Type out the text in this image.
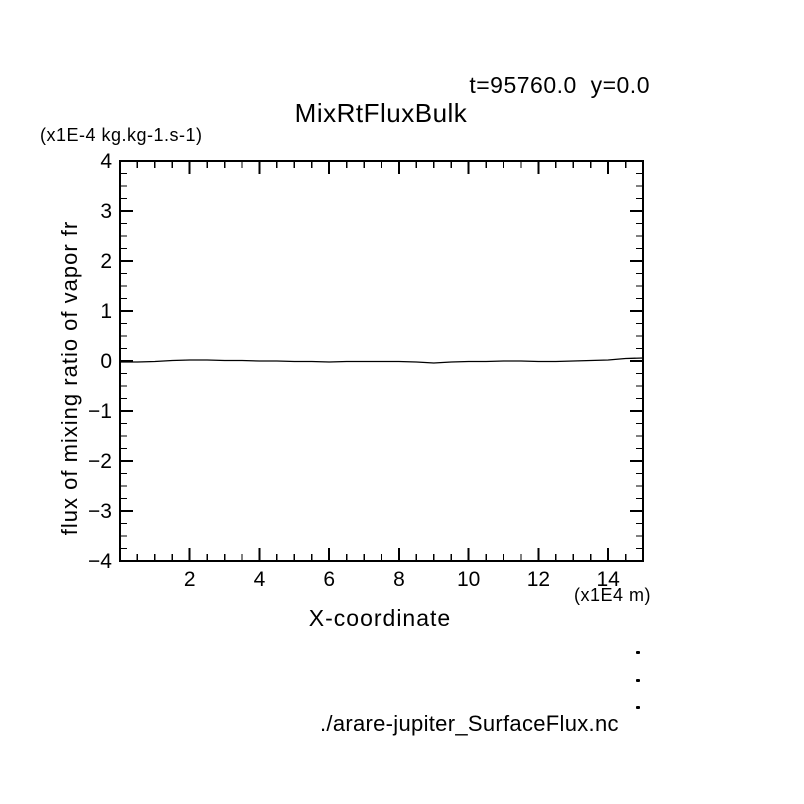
t=95760.0  y=0.0
MixRtFluxBulk
(x1E-4 kg.kg-1.s-1)
2	4	6	8 10 12 14
−4
−3
−2
−1
0
1
2
3
4
flux of mixing ratio of vapor fr
X-coordinate
(x1E4 m)
./arare-jupiter_SurfaceFlux.nc
